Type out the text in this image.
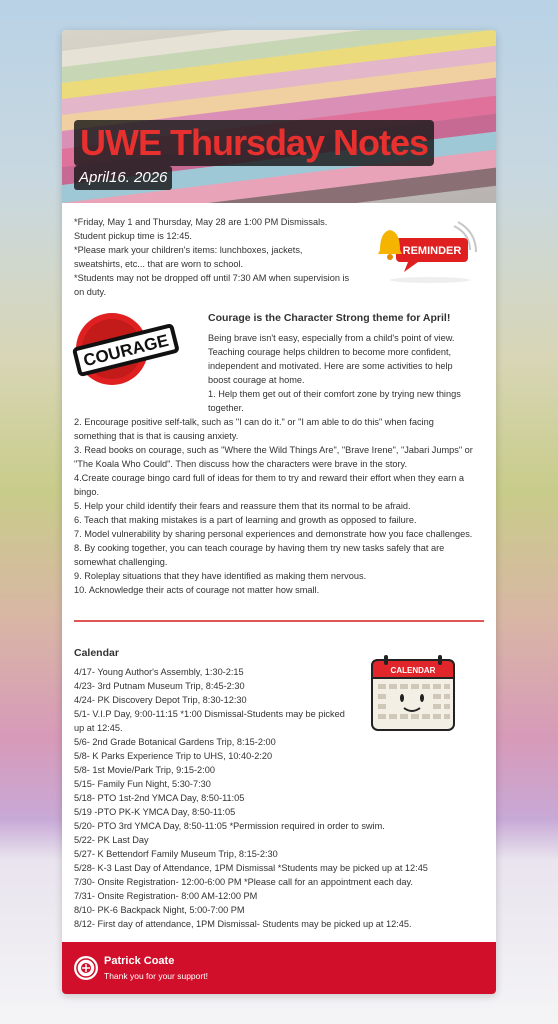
UWE Thursday Notes
April16. 2026
*Friday, May 1 and Thursday, May 28 are 1:00 PM Dismissals.
Student pickup time is 12:45.
*Please mark your children's items: lunchboxes, jackets,
sweatshirts, etc... that are worn to school.
*Students may not be dropped off until 7:30 AM when supervision is
on duty.
REMINDER
COURAGE
Courage is the Character Strong theme for April!
Being brave isn't easy, especially from a child's point of view.
Teaching courage helps children to become more confident,
independent and motivated. Here are some activities to help
boost courage at home.
1. Help them get out of their comfort zone by trying new things
together.
2. Encourage positive self-talk, such as "I can do it." or "I am able to do this" when facing
something that is that is causing anxiety.
3. Read books on courage, such as "Where the Wild Things Are", "Brave Irene", "Jabari Jumps" or
"The Koala Who Could". Then discuss how the characters were brave in the story.
4.Create courage bingo card full of ideas for them to try and reward their effort when they earn a
bingo.
5. Help your child identify their fears and reassure them that its normal to be afraid.
6. Teach that making mistakes is a part of learning and growth as opposed to failure.
7. Model vulnerability by sharing personal experiences and demonstrate how you face challenges.
8. By cooking together, you can teach courage by having them try new tasks safely that are
somewhat challenging.
9. Roleplay situations that they have identified as making them nervous.
10. Acknowledge their acts of courage not matter how small.
Calendar
CALENDAR
4/17- Young Author's Assembly, 1:30-2:15
4/23- 3rd Putnam Museum Trip, 8:45-2:30
4/24- PK Discovery Depot Trip, 8:30-12:30
5/1- V.I.P Day, 9:00-11:15 *1:00 Dismissal-Students may be picked
up at 12:45.
5/6- 2nd Grade Botanical Gardens Trip, 8:15-2:00
5/8- K Parks Experience Trip to UHS, 10:40-2:20
5/8- 1st Movie/Park Trip, 9:15-2:00
5/15- Family Fun Night, 5:30-7:30
5/18- PTO 1st-2nd YMCA Day, 8:50-11:05
5/19 -PTO PK-K YMCA Day, 8:50-11:05
5/20- PTO 3rd YMCA Day, 8:50-11:05 *Permission required in order to swim.
5/22- PK Last Day
5/27- K Bettendorf Family Museum Trip, 8:15-2:30
5/28- K-3 Last Day of Attendance, 1PM Dismissal *Students may be picked up at 12:45
7/30- Onsite Registration- 12:00-6:00 PM *Please call for an appointment each day.
7/31- Onsite Registration- 8:00 AM-12:00 PM
8/10- PK-6 Backpack Night, 5:00-7:00 PM
8/12- First day of attendance, 1PM Dismissal- Students may be picked up at 12:45.
Patrick Coate
Thank you for your support!
